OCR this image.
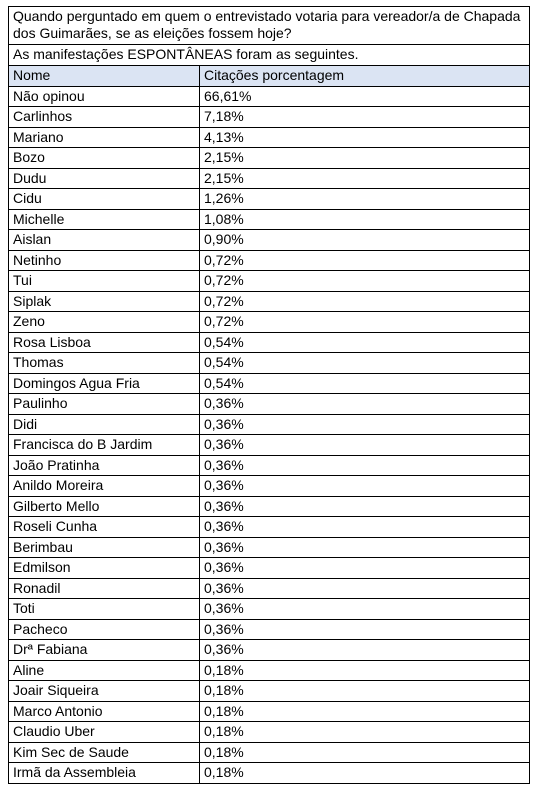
Quando perguntado em quem o entrevistado votaria para vereador/a de Chapada dos Guimarães, se as eleições fossem hoje?	
As manifestações ESPONTÂNEAS foram as seguintes.	
Nome	Citações porcentagem
Não opinou	66,61%
Carlinhos	7,18%
Mariano	4,13%
Bozo	2,15%
Dudu	2,15%
Cidu	1,26%
Michelle	1,08%
Aislan	0,90%
Netinho	0,72%
Tui	0,72%
Siplak	0,72%
Zeno	0,72%
Rosa Lisboa	0,54%
Thomas	0,54%
Domingos Agua Fria	0,54%
Paulinho	0,36%
Didi	0,36%
Francisca do B Jardim	0,36%
João Pratinha	0,36%
Anildo Moreira	0,36%
Gilberto Mello	0,36%
Roseli Cunha	0,36%
Berimbau	0,36%
Edmilson	0,36%
Ronadil	0,36%
Toti	0,36%
Pacheco	0,36%
Drª Fabiana	0,36%
Aline	0,18%
Joair Siqueira	0,18%
Marco Antonio	0,18%
Claudio Uber	0,18%
Kim Sec de Saude	0,18%
Irmã da Assembleia	0,18%
